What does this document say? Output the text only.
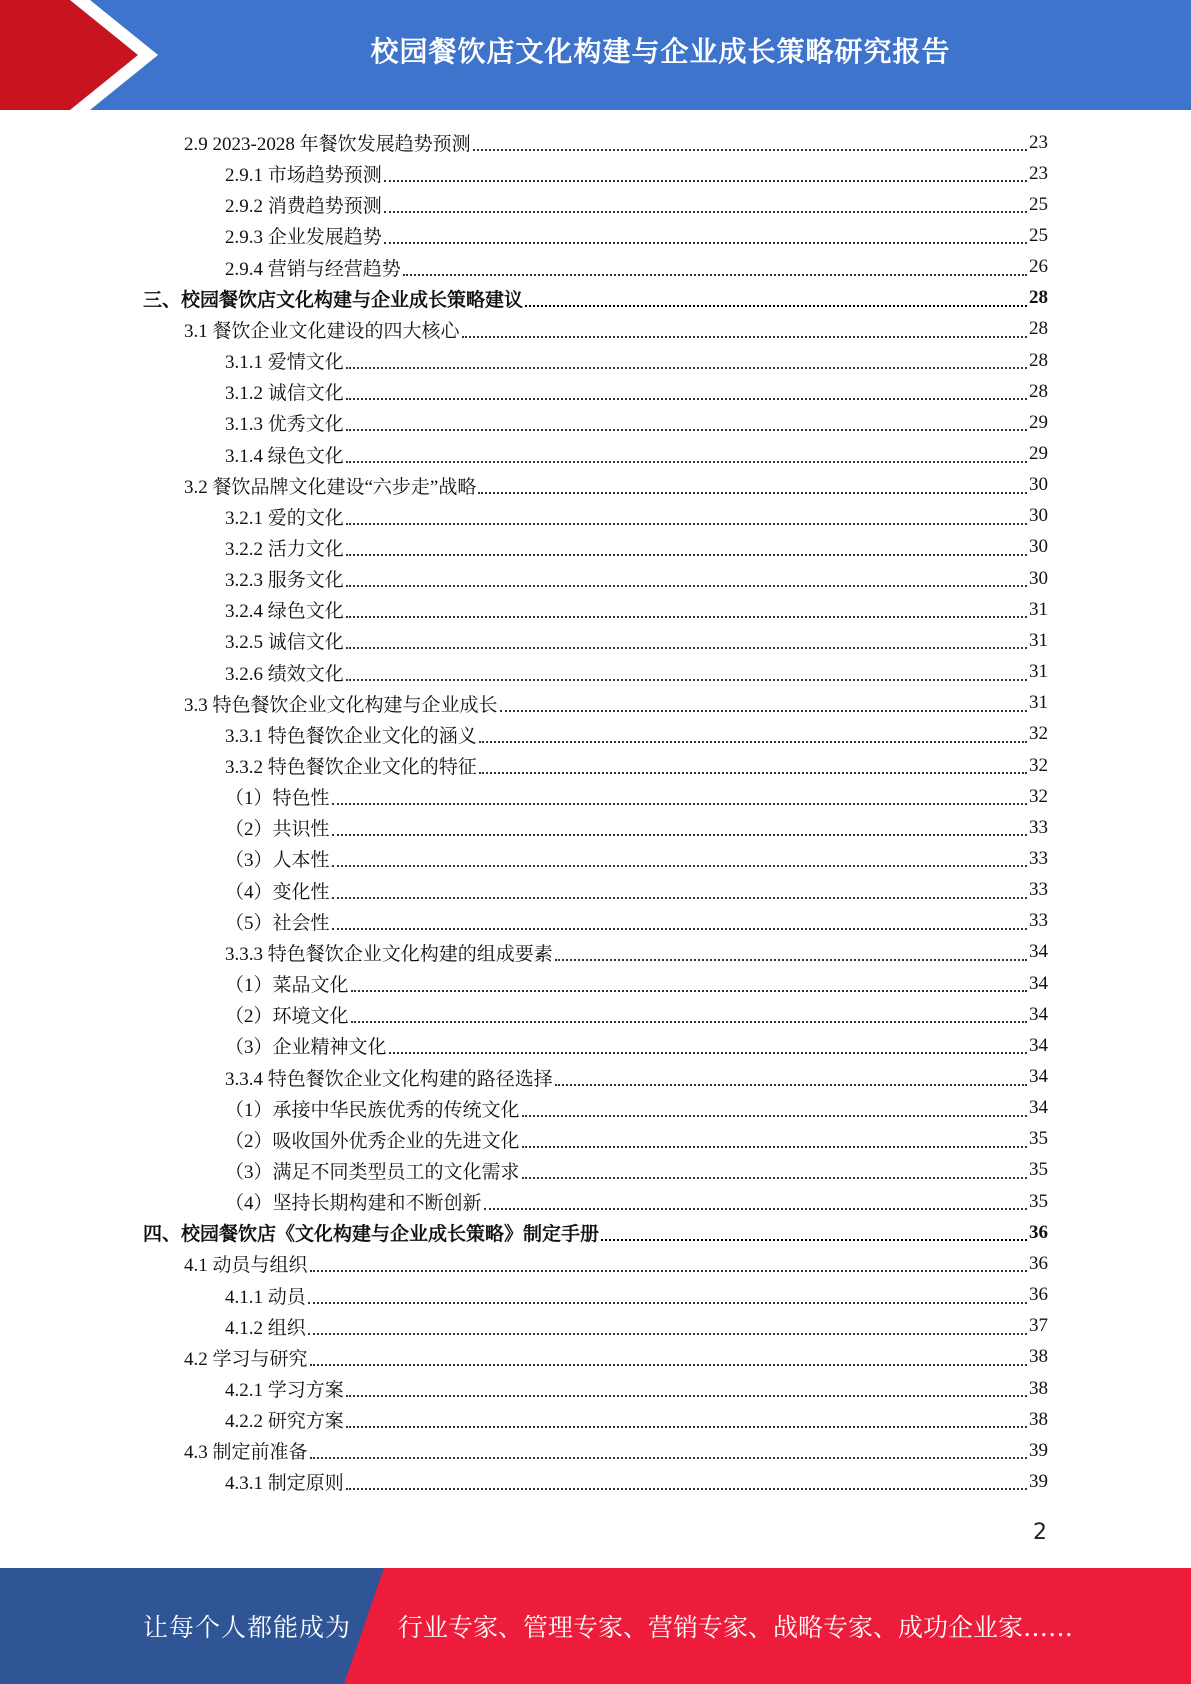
校园餐饮店文化构建与企业成长策略研究报告
2.9 2023-2028 年餐饮发展趋势预测	23
2.9.1 市场趋势预测	23
2.9.2 消费趋势预测	25
2.9.3 企业发展趋势	25
2.9.4 营销与经营趋势	26
三、校园餐饮店文化构建与企业成长策略建议	28
3.1 餐饮企业文化建设的四大核心	28
3.1.1 爱情文化	28
3.1.2 诚信文化	28
3.1.3 优秀文化	29
3.1.4 绿色文化	29
3.2 餐饮品牌文化建设“六步走”战略	30
3.2.1 爱的文化	30
3.2.2 活力文化	30
3.2.3 服务文化	30
3.2.4 绿色文化	31
3.2.5 诚信文化	31
3.2.6 绩效文化	31
3.3 特色餐饮企业文化构建与企业成长	31
3.3.1 特色餐饮企业文化的涵义	32
3.3.2 特色餐饮企业文化的特征	32
（1）特色性	32
（2）共识性	33
（3）人本性	33
（4）变化性	33
（5）社会性	33
3.3.3 特色餐饮企业文化构建的组成要素	34
（1）菜品文化	34
（2）环境文化	34
（3）企业精神文化	34
3.3.4 特色餐饮企业文化构建的路径选择	34
（1）承接中华民族优秀的传统文化	34
（2）吸收国外优秀企业的先进文化	35
（3）满足不同类型员工的文化需求	35
（4）坚持长期构建和不断创新	35
四、校园餐饮店《文化构建与企业成长策略》制定手册	36
4.1 动员与组织	36
4.1.1 动员	36
4.1.2 组织	37
4.2 学习与研究	38
4.2.1 学习方案	38
4.2.2 研究方案	38
4.3 制定前准备	39
4.3.1 制定原则	39
2
让每个人都能成为 行业专家、管理专家、营销专家、战略专家、成功企业家……
